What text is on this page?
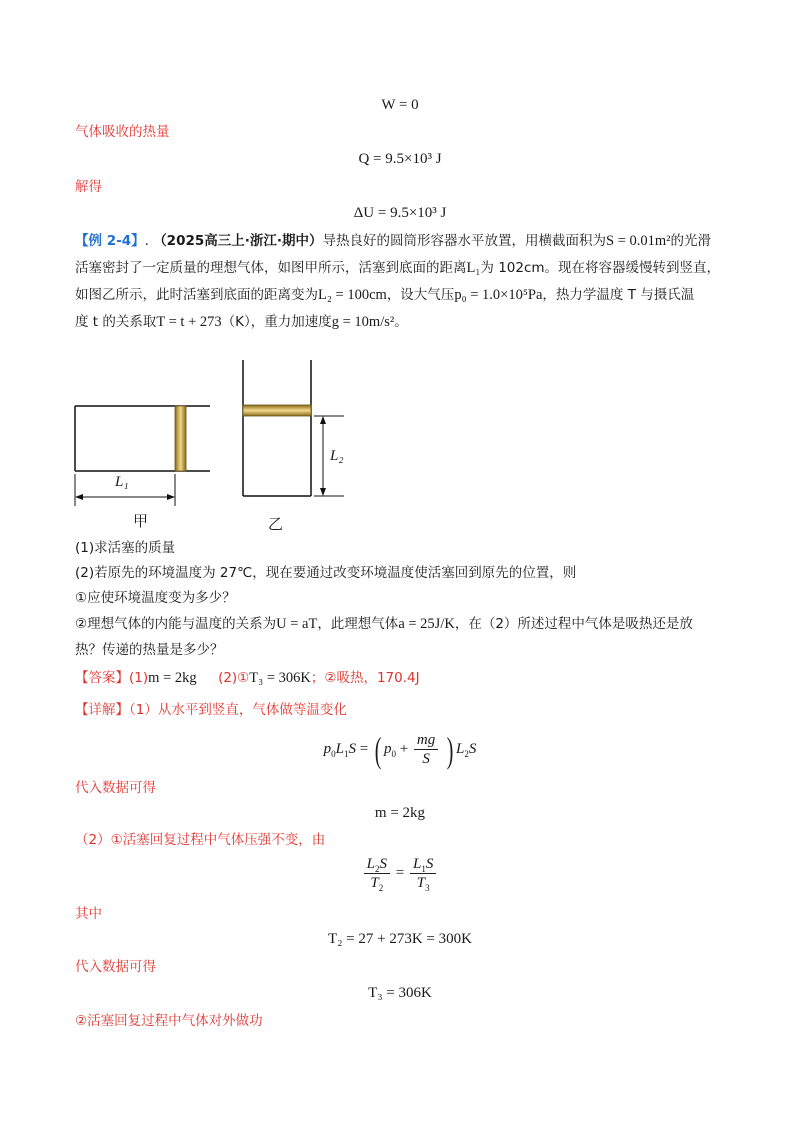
W = 0
气体吸收的热量
Q = 9.5×10³ J
解得
ΔU = 9.5×10³ J
【例 2-4】. （2025高三上·浙江·期中）导热良好的圆筒形容器水平放置，用横截面积为S = 0.01m²的光滑
活塞密封了一定质量的理想气体，如图甲所示，活塞到底面的距离L₁为 102cm。现在将容器缓慢转到竖直，
如图乙所示，此时活塞到底面的距离变为L₂ = 100cm，设大气压p₀ = 1.0×10⁵Pa，热力学温度 T 与摄氏温
度 t 的关系取T = t + 273（K），重力加速度g = 10m/s²。
L₁
L₂
甲	乙
(1)求活塞的质量
(2)若原先的环境温度为 27℃，现在要通过改变环境温度使活塞回到原先的位置，则
①应使环境温度变为多少？
②理想气体的内能与温度的关系为U = aT，此理想气体a = 25J/K，在（2）所述过程中气体是吸热还是放
热？传递的热量是多少？
【答案】(1)m = 2kg (2)①T₃ = 306K；②吸热，170.4J
【详解】（1）从水平到竖直，气体做等温变化
$p_0L_1S$ = ( $p_0 + \frac{mg}{S}$ ) $L_2S$
代入数据可得
m = 2kg
（2）①活塞回复过程中气体压强不变，由
$\frac{L_2S}{T_2} = \frac{L_1S}{T_3}$
其中
T₂ = 27 + 273K = 300K
代入数据可得
T₃ = 306K
②活塞回复过程中气体对外做功
